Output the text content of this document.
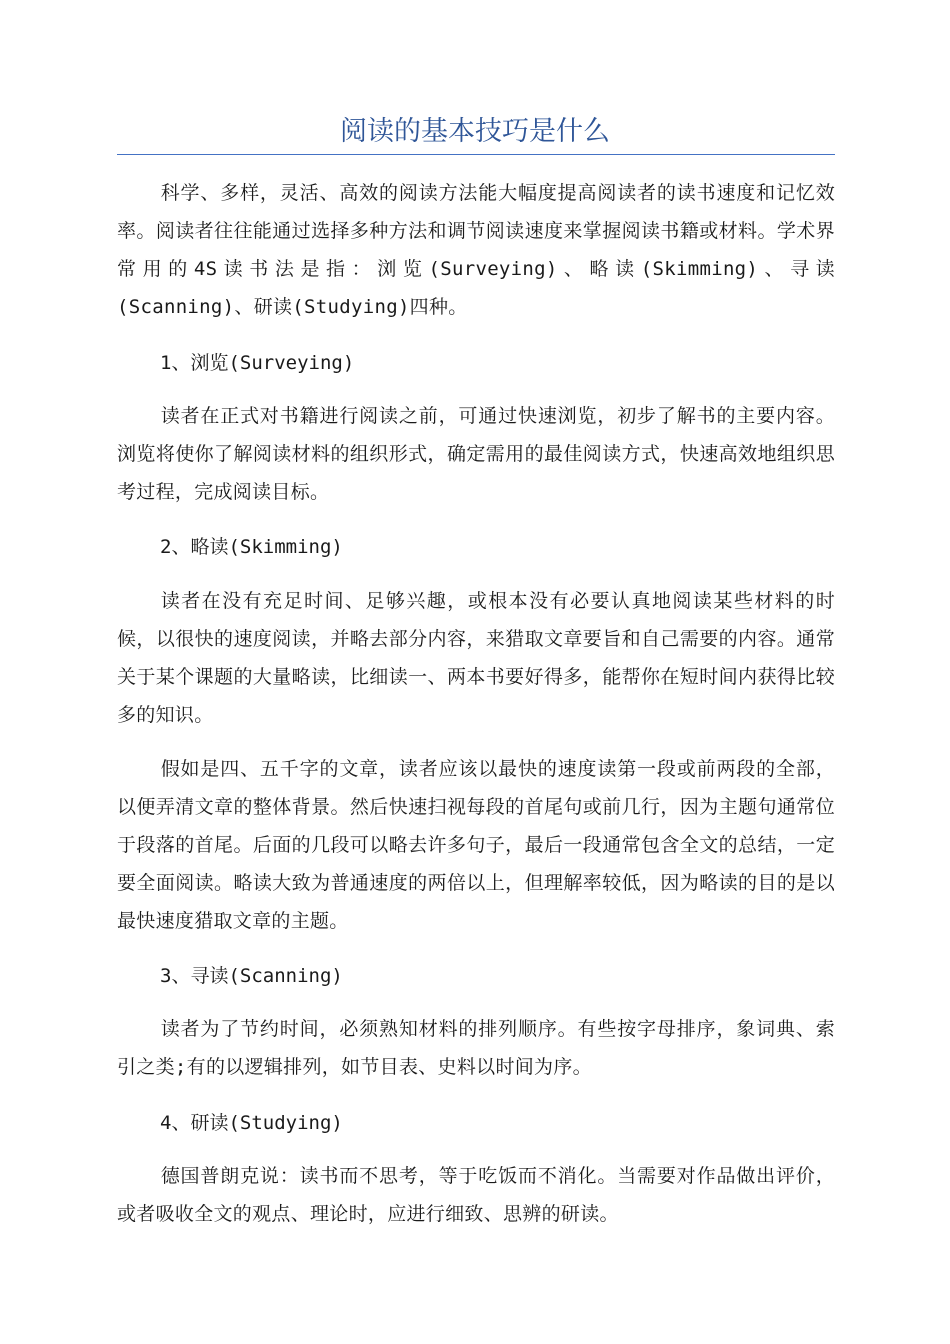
阅读的基本技巧是什么

科学、多样，灵活、高效的阅读方法能大幅度提高阅读者的读书速度和记忆效率。阅读者往往能通过选择多种方法和调节阅读速度来掌握阅读书籍或材料。学术界常用的4S读书法是指：浏览(Surveying)、略读(Skimming)、寻读(Scanning)、研读(Studying)四种。

1、浏览(Surveying)

读者在正式对书籍进行阅读之前，可通过快速浏览，初步了解书的主要内容。浏览将使你了解阅读材料的组织形式，确定需用的最佳阅读方式，快速高效地组织思考过程，完成阅读目标。

2、略读(Skimming)

读者在没有充足时间、足够兴趣，或根本没有必要认真地阅读某些材料的时候，以很快的速度阅读，并略去部分内容，来猎取文章要旨和自己需要的内容。通常关于某个课题的大量略读，比细读一、两本书要好得多，能帮你在短时间内获得比较多的知识。

假如是四、五千字的文章，读者应该以最快的速度读第一段或前两段的全部，以便弄清文章的整体背景。然后快速扫视每段的首尾句或前几行，因为主题句通常位于段落的首尾。后面的几段可以略去许多句子，最后一段通常包含全文的总结，一定要全面阅读。略读大致为普通速度的两倍以上，但理解率较低，因为略读的目的是以最快速度猎取文章的主题。

3、寻读(Scanning)

读者为了节约时间，必须熟知材料的排列顺序。有些按字母排序，象词典、索引之类;有的以逻辑排列，如节目表、史料以时间为序。

4、研读(Studying)

德国普朗克说：读书而不思考，等于吃饭而不消化。当需要对作品做出评价，或者吸收全文的观点、理论时，应进行细致、思辨的研读。
